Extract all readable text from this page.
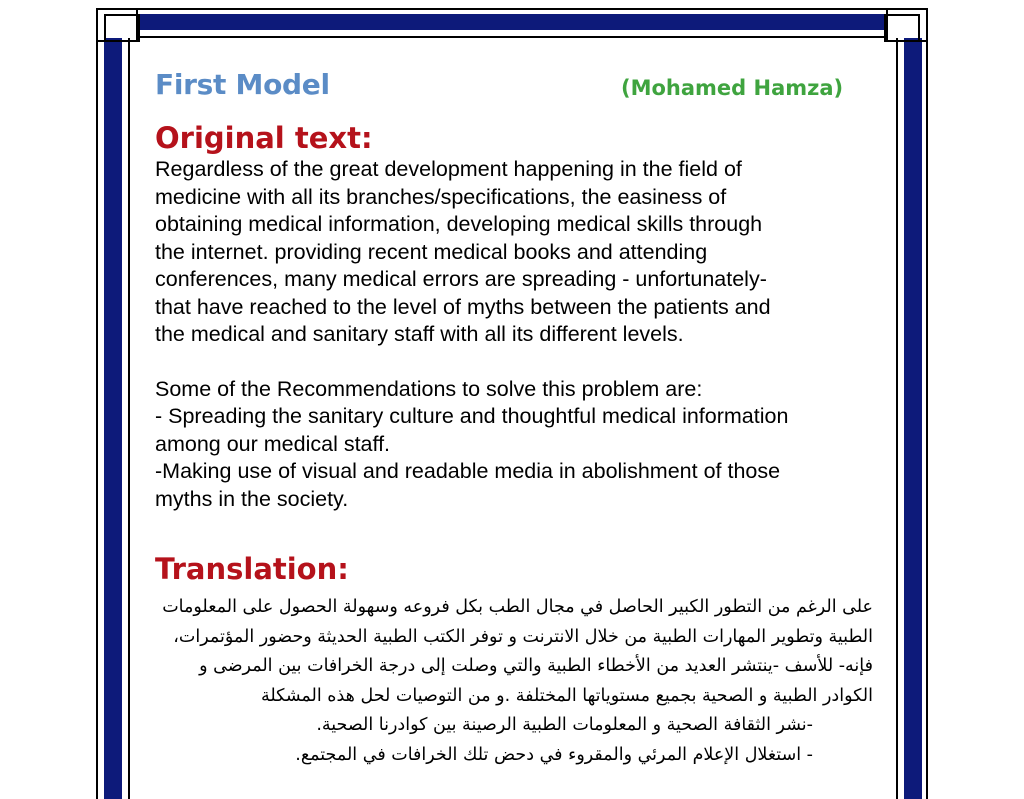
First Model	(Mohamed Hamza)
Original text:

Regardless of the great development happening in the field of
medicine with all its branches/specifications, the easiness of
obtaining medical information, developing medical skills through
the internet. providing recent medical books and attending
conferences, many medical errors are spreading - unfortunately-
that have reached to the level of myths between the patients and
the medical and sanitary staff with all its different levels.

Some of the Recommendations to solve this problem are:
- Spreading the sanitary culture and thoughtful medical information
among our medical staff.
-Making use of visual and readable media in abolishment of those
myths in the society.

Translation:

على الرغم من التطور الكبير الحاصل في مجال الطب بكل فروعه وسهولة الحصول على المعلومات الطبية وتطوير المهارات الطبية من خلال الانترنت و توفر الكتب الطبية الحديثة وحضور المؤتمرات، فإنه- للأسف -ينتشر العديد من الأخطاء الطبية والتي وصلت إلى درجة الخرافات بين المرضى و الكوادر الطبية و الصحية بجميع مستوياتها المختلفة .و من التوصيات لحل هذه المشكلة

-نشر الثقافة الصحية و المعلومات الطبية الرصينة بين كوادرنا الصحية.
- استغلال الإعلام المرئي والمقروء في دحض تلك الخرافات في المجتمع.
